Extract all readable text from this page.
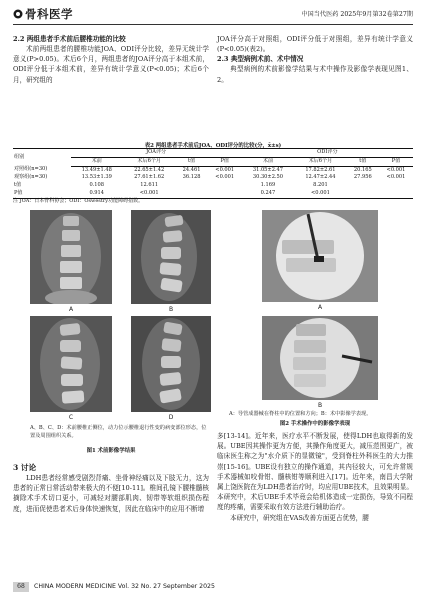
骨科医学	中国当代医药 2025年9月第32卷第27期

2.2 两组患者手术前后腰椎功能的比较

术前两组患者的腰椎功能JOA、ODI评分比较，差异无统计学意义(P>0.05)。术后6个月，两组患者的JOA评分高于本组术前，ODI评分低于本组术前，差异有统计学意义(P<0.05)；术后6个月，研究组的

JOA评分高于对照组，ODI评分低于对照组，差异有统计学意义(P<0.05)(表2)。

2.3 典型病例术前、术中情况

典型病例的术前影像学结果与术中操作及影像学表现见图1、2。

表2 两组患者手术前后JOA、ODI评分的比较(分，x̄±s)
组别	JOA评分				ODI评分			
	术前	术后6个月	t值	P值	术前	术后6个月	t值	P值
对照组(n=30)	13.49±1.48	22.65±1.42	24.461	<0.001	31.05±2.47	17.82±2.61	20.165	<0.001
观察组(n=30)	13.53±1.39	27.61±1.62	36.128	<0.001	30.30±2.50	12.47±2.44	27.956	<0.001
t值	0.108	12.611			1.169	8.201		
P值	0.914	<0.001			0.247	<0.001		
注 JOA：日本骨科协会；ODI：Oswestry功能障碍指数。
A	B
C	D
A、B、C、D：术前腰椎正侧位，动力位示腰椎退行性变的病变部位形态，位置及周围组织关系。
图1 术前影像学结果
A
B
A：导管成器械在脊柱中的位置和方向；B：术中影像学表现。
图2 手术操作中的影像学表现

3 讨论

LDH患者经常感受剧烈背痛、坐骨神经痛以及下肢无力，这为患者的正常日常活动带来极大的不便[10-11]。椎间孔镜下腰椎髓核摘除术手术切口更小，可减轻对腰部肌肉、韧带等软组织损伤程度，进而促使患者术后身体快速恢复，因此在临床中的应用不断增

多[13-14]。近年来，医疗水平不断发展，使得LDH也取得新的发展。UBE因其操作更为方便，其操作角度更大，减压范围更广，被临床医生称之为"水介质下的显微镜"，受到脊柱外科医生的大力推崇[15-16]。UBE设有独立的操作通道，其内径较大，可允许常规手术器械如咬骨钳、髓核钳等顺利进入[17]。近年来，南昌大学附属上饶医院在为LDH患者治疗时，均应用UBE技术，且效果明显。本研究中，术后UBE手术毕竟会给机体造成一定损伤，导致不同程度的疼痛，需要采取有效方法进行辅助治疗。

本研究中，研究组在VAS改善方面更占优势，腰

68	CHINA MODERN MEDICINE Vol. 32 No. 27 September 2025
